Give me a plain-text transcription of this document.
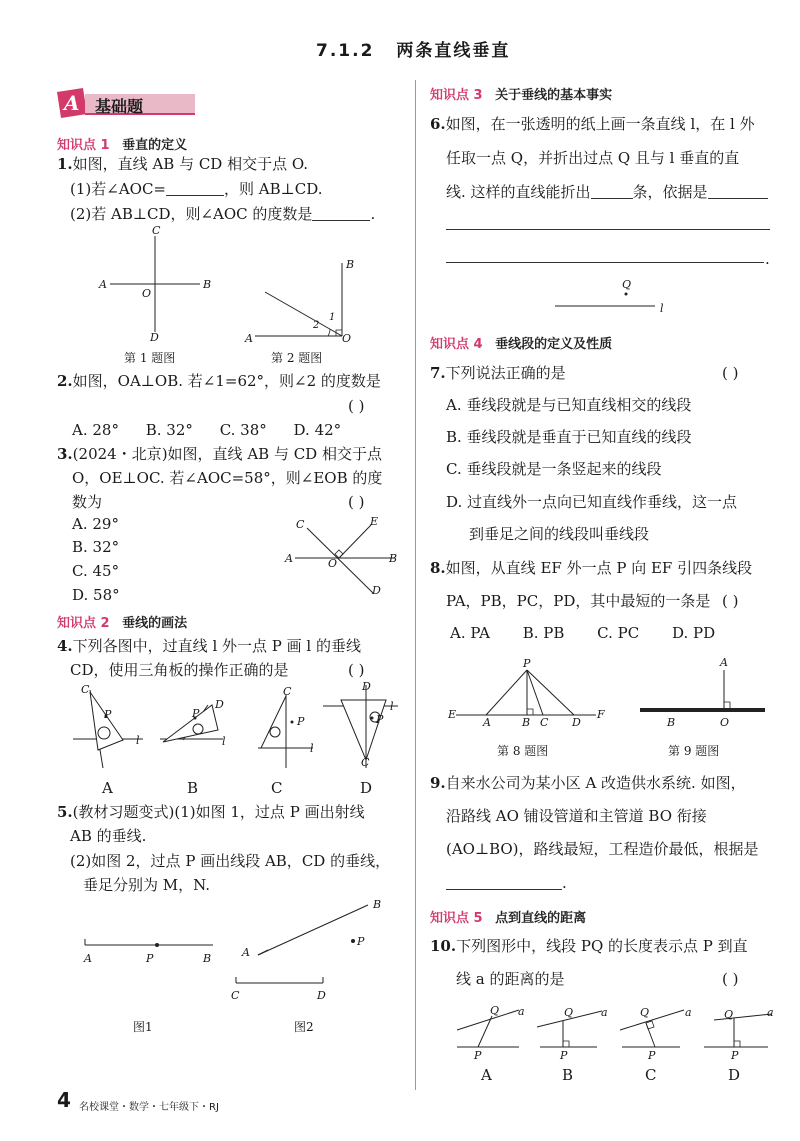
7.1.2 两条直线垂直
A 基础题
知识点 1 垂直的定义
1.如图，直线 AB 与 CD 相交于点 O.
(1)若∠AOC=	，则 AB⊥CD.
(2)若 AB⊥CD，则∠AOC 的度数是	.
C
A
O
B
D
第 1 题图
B
A	O
1
2
第 2 题图
2.如图，OA⊥OB. 若∠1=62°，则∠2 的度数是
( )
A. 28° B. 32° C. 38° D. 42°
3.(2024・北京)如图，直线 AB 与 CD 相交于点
O，OE⊥OC. 若∠AOC=58°，则∠EOB 的度
数为	( )
A. 29°
B. 32°
C. 45°
D. 58°
C	E
A	O	B
D
知识点 2 垂线的画法
4.下列各图中，过直线 l 外一点 P 画 l 的垂线
CD，使用三角板的操作正确的是	( )
C
P
l
D
P
l
C
P
l
D
l
P
C
A	B	C	D
5.(教材习题变式)(1)如图 1，过点 P 画出射线
AB 的垂线.
(2)如图 2，过点 P 画出线段 AB，CD 的垂线，
垂足分别为 M，N.
A	P	B	A
B
P
C	D
图1	图2
4 名校课堂・数学・七年级下・RJ
知识点 3 关于垂线的基本事实
6.如图，在一张透明的纸上画一条直线 l，在 l 外
任取一点 Q，并折出过点 Q 且与 l 垂直的直
线. 这样的直线能折出	条，依据是
.
Q
l
知识点 4 垂线段的定义及性质
7.下列说法正确的是	( )
A. 垂线段就是与已知直线相交的线段
B. 垂线段就是垂直于已知直线的线段
C. 垂线段就是一条竖起来的线段
D. 过直线外一点向已知直线作垂线，这一点
到垂足之间的线段叫垂线段
8.如图，从直线 EF 外一点 P 向 EF 引四条线段
PA，PB，PC，PD，其中最短的一条是 ( )
A. PA B. PB C. PC D. PD
P
E
A	B C D
F
第 8 题图
A
B	O
第 9 题图
9.自来水公司为某小区 A 改造供水系统. 如图，
沿路线 AO 铺设管道和主管道 BO 衔接
(AO⊥BO)，路线最短，工程造价最低，根据是
.
知识点 5 点到直线的距离
10.下列图形中，线段 PQ 的长度表示点 P 到直
线 a 的距离的是	( )
Q a
P
Q	a
P
Q	a
P
Q	a
P
A	B	C	D
